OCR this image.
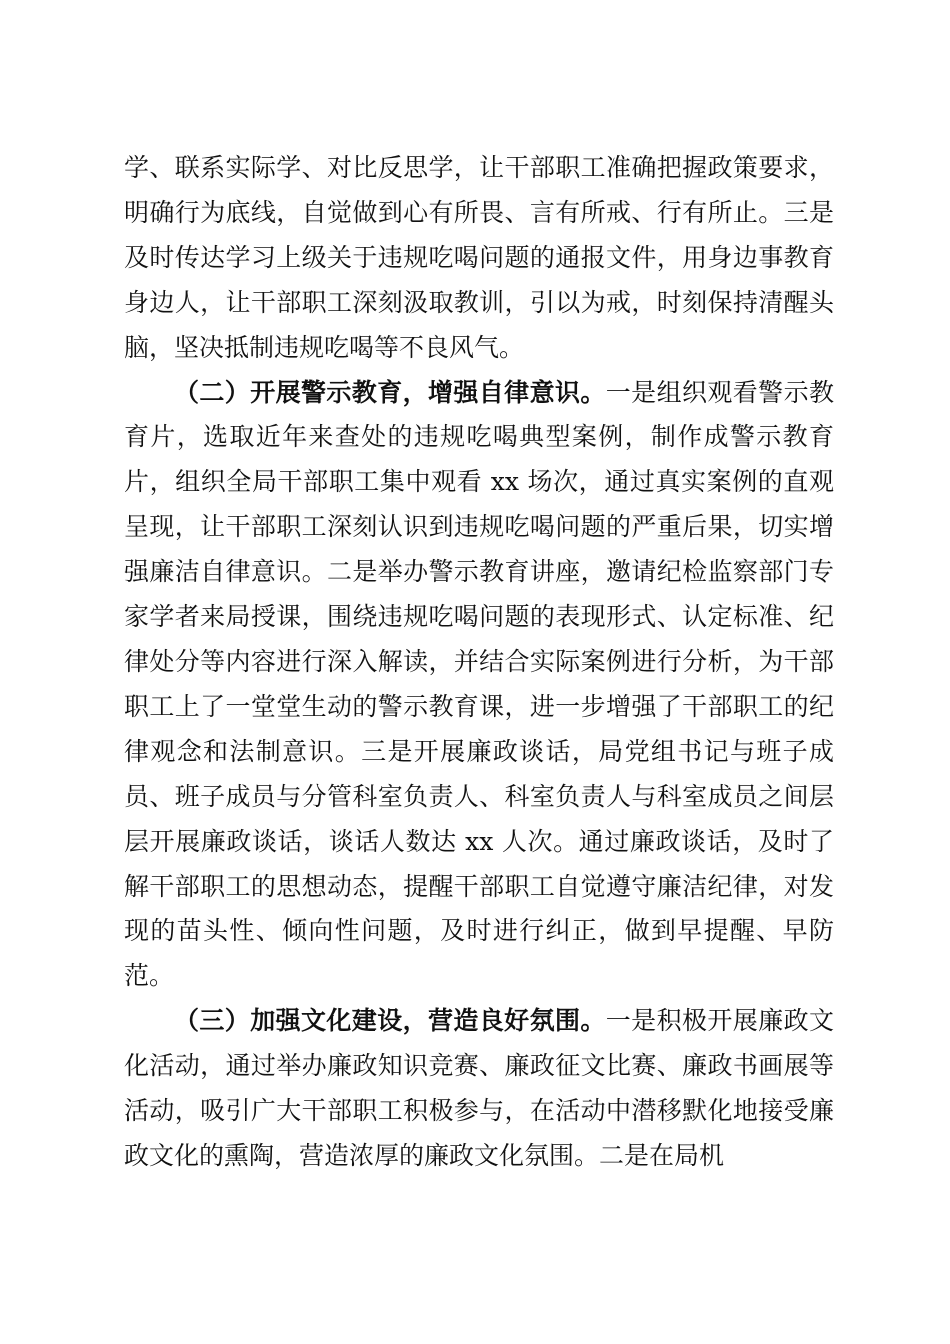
学、联系实际学、对比反思学，让干部职工准确把握政策要求，明确行为底线，自觉做到心有所畏、言有所戒、行有所止。三是及时传达学习上级关于违规吃喝问题的通报文件，用身边事教育身边人，让干部职工深刻汲取教训，引以为戒，时刻保持清醒头脑，坚决抵制违规吃喝等不良风气。

（二）开展警示教育，增强自律意识。一是组织观看警示教育片，选取近年来查处的违规吃喝典型案例，制作成警示教育片，组织全局干部职工集中观看 xx 场次，通过真实案例的直观呈现，让干部职工深刻认识到违规吃喝问题的严重后果，切实增强廉洁自律意识。二是举办警示教育讲座，邀请纪检监察部门专家学者来局授课，围绕违规吃喝问题的表现形式、认定标准、纪律处分等内容进行深入解读，并结合实际案例进行分析，为干部职工上了一堂堂生动的警示教育课，进一步增强了干部职工的纪律观念和法制意识。三是开展廉政谈话，局党组书记与班子成员、班子成员与分管科室负责人、科室负责人与科室成员之间层层开展廉政谈话，谈话人数达 xx 人次。通过廉政谈话，及时了解干部职工的思想动态，提醒干部职工自觉遵守廉洁纪律，对发现的苗头性、倾向性问题，及时进行纠正，做到早提醒、早防范。

（三）加强文化建设，营造良好氛围。一是积极开展廉政文化活动，通过举办廉政知识竞赛、廉政征文比赛、廉政书画展等活动，吸引广大干部职工积极参与，在活动中潜移默化地接受廉政文化的熏陶，营造浓厚的廉政文化氛围。二是在局机
